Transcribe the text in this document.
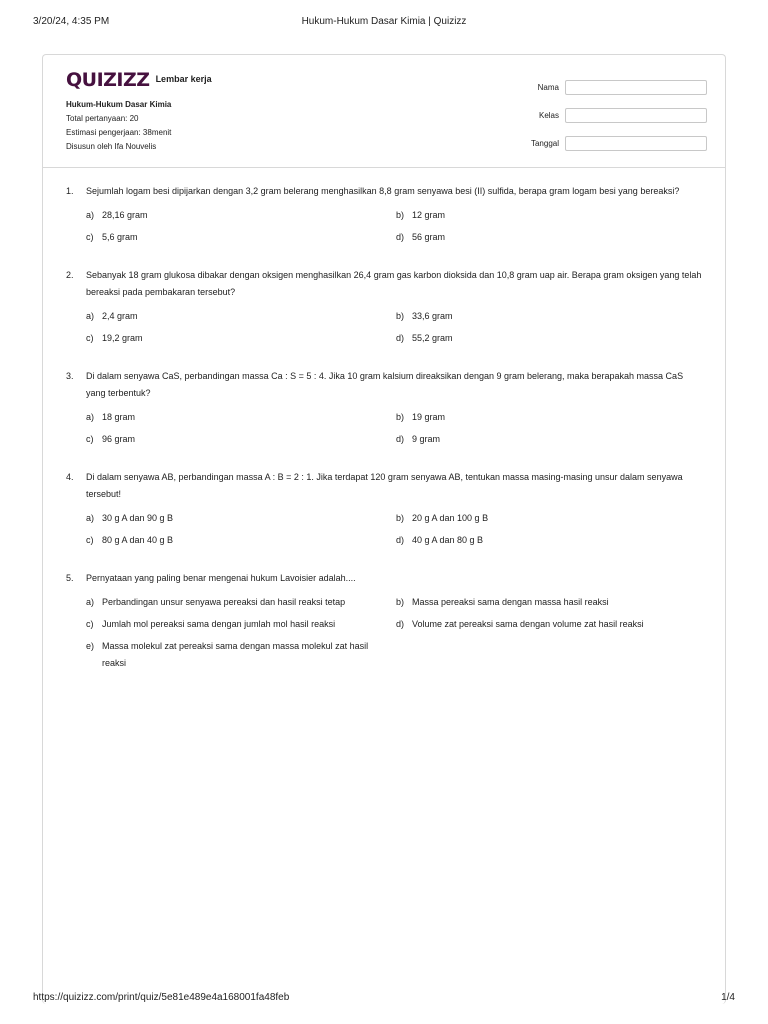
3/20/24, 4:35 PM	Hukum-Hukum Dasar Kimia | Quizizz
QUIZIZZ Lembar kerja
Hukum-Hukum Dasar Kimia
Total pertanyaan: 20
Estimasi pengerjaan: 38menit
Disusun oleh Ifa Nouvelis
Nama
Kelas
Tanggal
1.	Sejumlah logam besi dipijarkan dengan 3,2 gram belerang menghasilkan 8,8 gram senyawa besi (II) sulfida, berapa gram logam besi yang bereaksi?
a) 28,16 gram	b) 12 gram
c) 5,6 gram	d) 56 gram
2.	Sebanyak 18 gram glukosa dibakar dengan oksigen menghasilkan 26,4 gram gas karbon dioksida dan 10,8 gram uap air. Berapa gram oksigen yang telah bereaksi pada pembakaran tersebut?
a) 2,4 gram	b) 33,6 gram
c) 19,2 gram	d) 55,2 gram
3.	Di dalam senyawa CaS, perbandingan massa Ca : S = 5 : 4. Jika 10 gram kalsium direaksikan dengan 9 gram belerang, maka berapakah massa CaS yang terbentuk?
a) 18 gram	b) 19 gram
c) 96 gram	d) 9 gram
4.	Di dalam senyawa AB, perbandingan massa A : B = 2 : 1. Jika terdapat 120 gram senyawa AB, tentukan massa masing-masing unsur dalam senyawa tersebut!
a) 30 g A dan 90 g B	b) 20 g A dan 100 g B
c) 80 g A dan 40 g B	d) 40 g A dan 80 g B
5.	Pernyataan yang paling benar mengenai hukum Lavoisier adalah....
a) Perbandingan unsur senyawa pereaksi dan hasil reaksi tetap	b) Massa pereaksi sama dengan massa hasil reaksi
c) Jumlah mol pereaksi sama dengan jumlah mol hasil reaksi	d) Volume zat pereaksi sama dengan volume zat hasil reaksi
e) Massa molekul zat pereaksi sama dengan massa molekul zat hasil reaksi
https://quizizz.com/print/quiz/5e81e489e4a168001fa48feb	1/4
